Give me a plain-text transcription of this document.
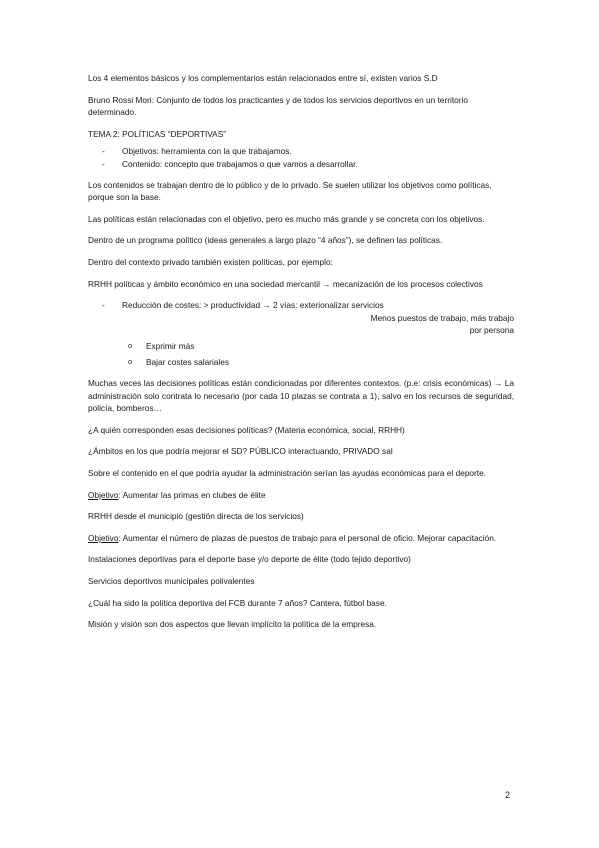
Los 4 elementos básicos y los complementarios están relacionados entre sí, existen varios S.D

Bruno Rossi Mori: Conjunto de todos los practicantes y de todos los servicios deportivos en un territorio determinado.

TEMA 2: POLÍTICAS “DEPORTIVAS”

- Objetivos: herramienta con la que trabajamos.
- Contenido: concepto que trabajamos o que vamos a desarrollar.

Los contenidos se trabajan dentro de lo público y de lo privado. Se suelen utilizar los objetivos como políticas, porque son la base.

Las políticas están relacionadas con el objetivo, pero es mucho más grande y se concreta con los objetivos.

Dentro de un programa político (ideas generales a largo plazo “4 años”), se definen las políticas.

Dentro del contexto privado también existen políticas, por ejemplo:

RRHH políticas y ámbito económico en una sociedad mercantil → mecanización de los procesos colectivos

- Reducción de costes: > productividad → 2 vías: exterionalizar servicios

Menos puestos de trabajo, más trabajo

por persona

o Exprimir más
o Bajar costes salariales

Muchas veces las decisiones políticas están condicionadas por diferentes contextos. (p.e: crisis económicas) → La administración solo contrata lo necesario (por cada 10 plazas se contrata a 1), salvo en los recursos de seguridad, policía, bomberos…

¿A quién corresponden esas decisiones políticas? (Materia económica, social, RRHH)

¿Ámbitos en los que podría mejorar el SD? PÚBLICO interactuando, PRIVADO sal

Sobre el contenido en el que podría ayudar la administración serían las ayudas económicas para el deporte.

Objetivo: Aumentar las primas en clubes de élite

RRHH desde el municipio (gestión directa de los servicios)

Objetivo: Aumentar el número de plazas de puestos de trabajo para el personal de oficio. Mejorar capacitación.

Instalaciones deportivas para el deporte base y/o deporte de élite (todo tejido deportivo)

Servicios deportivos municipales polivalentes

¿Cuál ha sido la política deportiva del FCB durante 7 años? Cantera, fútbol base.

Misión y visión son dos aspectos que llevan implícito la política de la empresa.

2
